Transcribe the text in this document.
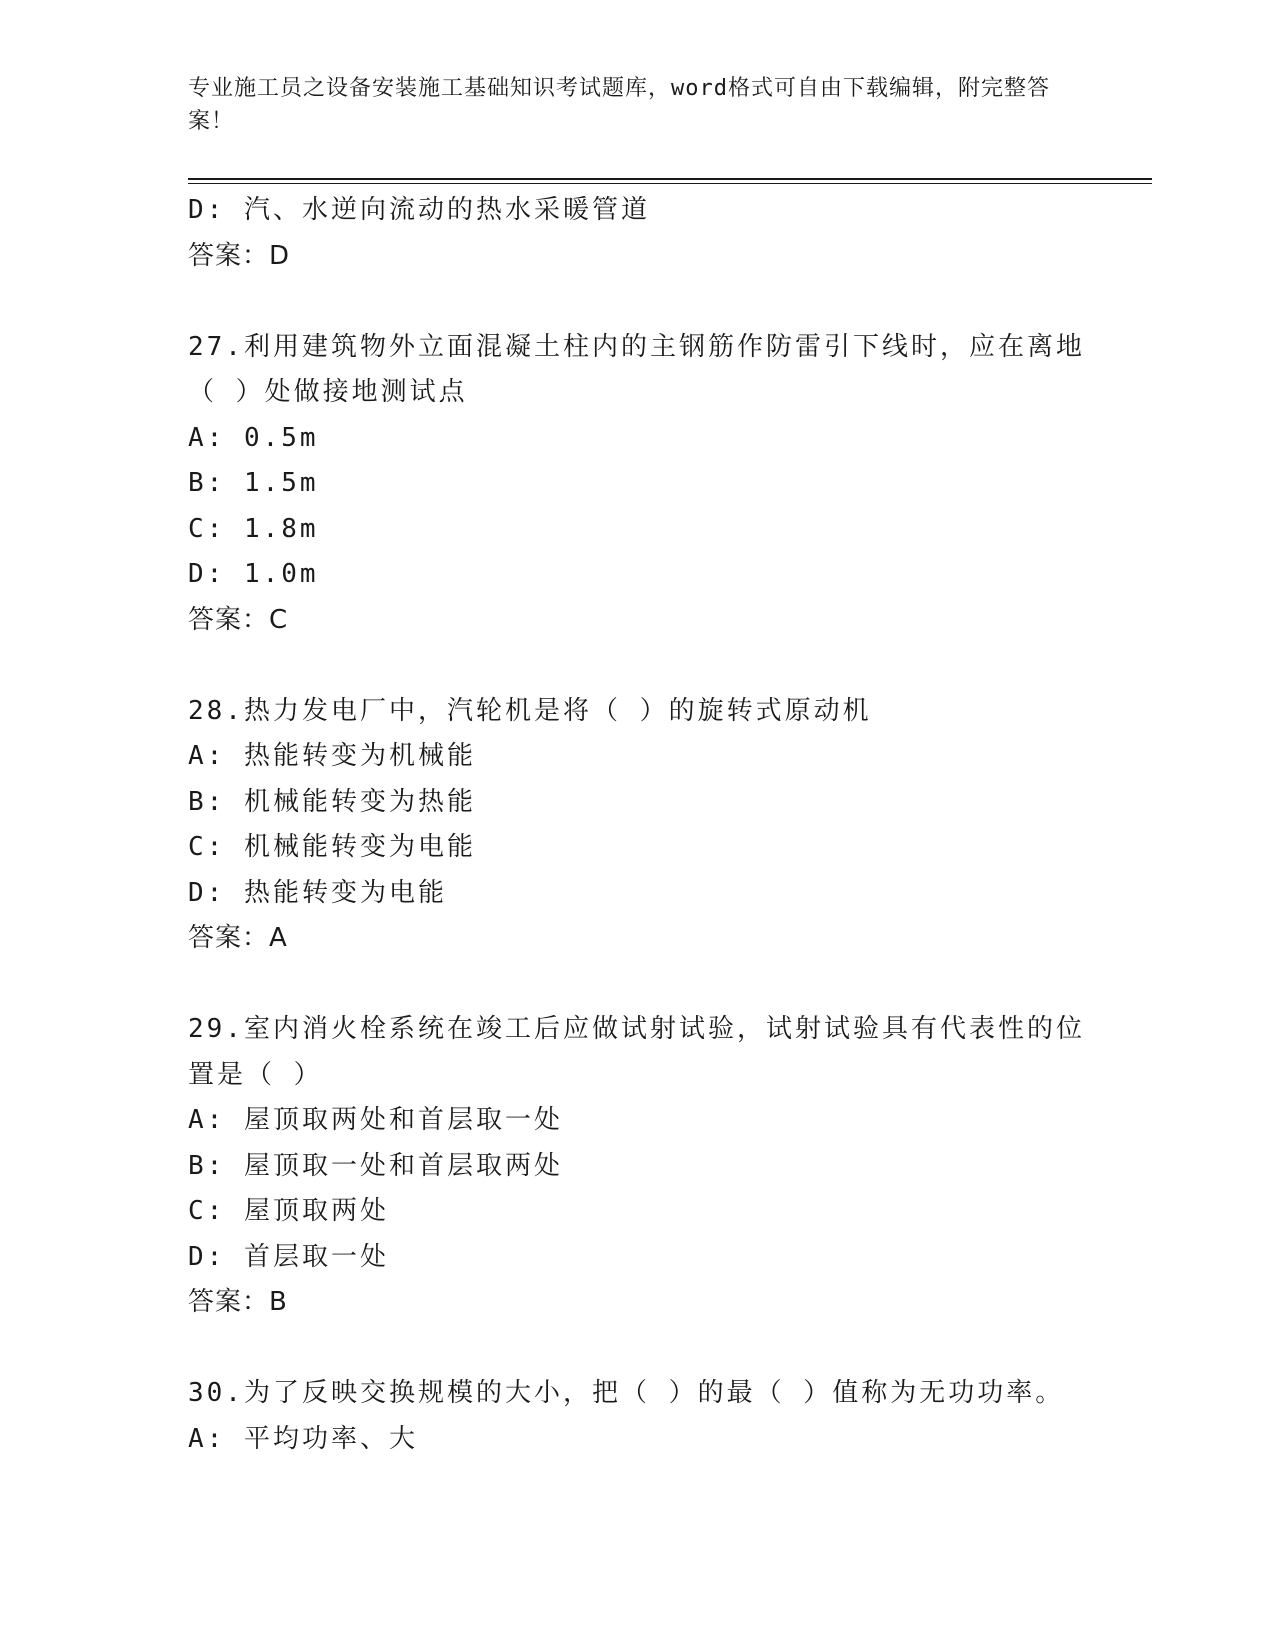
专业施工员之设备安装施工基础知识考试题库，word格式可自由下载编辑，附完整答案！
D: 汽、水逆向流动的热水采暖管道
答案：D
27.利用建筑物外立面混凝土柱内的主钢筋作防雷引下线时，应在离地（ ）处做接地测试点
A: 0.5m
B: 1.5m
C: 1.8m
D: 1.0m
答案：C
28.热力发电厂中，汽轮机是将（ ）的旋转式原动机
A: 热能转变为机械能
B: 机械能转变为热能
C: 机械能转变为电能
D: 热能转变为电能
答案：A
29.室内消火栓系统在竣工后应做试射试验，试射试验具有代表性的位置是（ ）
A: 屋顶取两处和首层取一处
B: 屋顶取一处和首层取两处
C: 屋顶取两处
D: 首层取一处
答案：B
30.为了反映交换规模的大小，把（ ）的最（ ）值称为无功功率。
A: 平均功率、大
